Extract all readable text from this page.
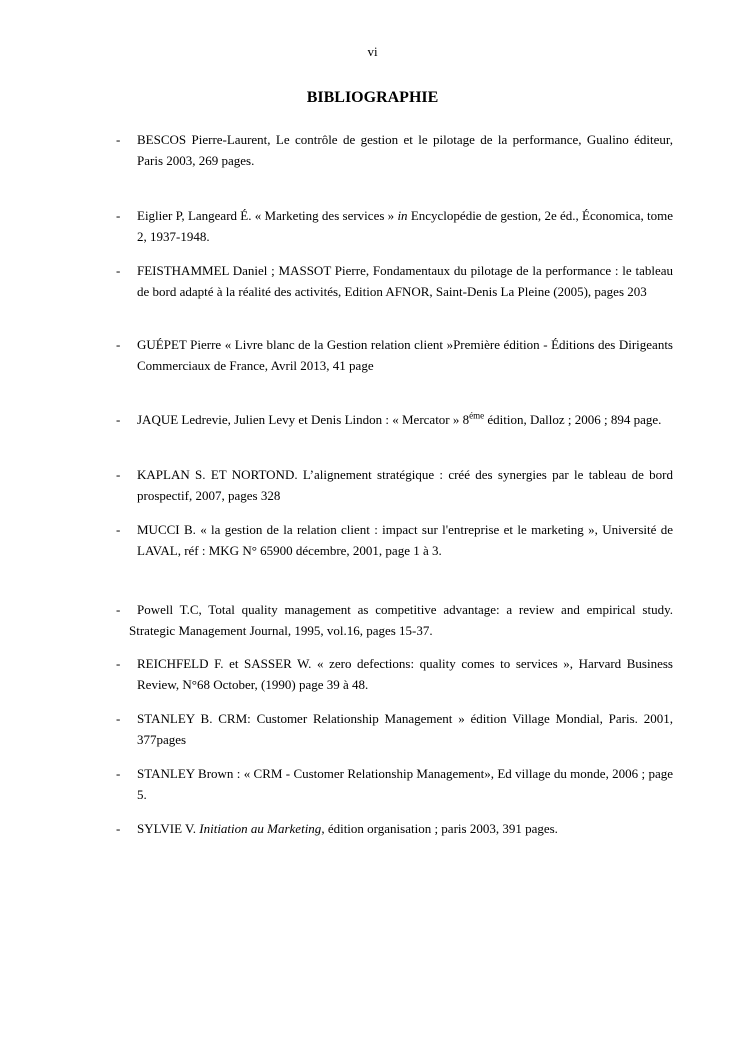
vi
BIBLIOGRAPHIE
- BESCOS Pierre-Laurent, Le contrôle de gestion et le pilotage de la performance, Gualino éditeur, Paris 2003, 269 pages.
- Eiglier P, Langeard É. « Marketing des services » in Encyclopédie de gestion, 2e éd., Économica, tome 2, 1937-1948.
- FEISTHAMMEL Daniel ; MASSOT Pierre, Fondamentaux du pilotage de la performance : le tableau de bord adapté à la réalité des activités, Edition AFNOR, Saint-Denis La Pleine (2005), pages 203
- GUÉPET Pierre « Livre blanc de la Gestion relation client »Première édition - Éditions des Dirigeants Commerciaux de France, Avril 2013, 41 page
- JAQUE Ledrevie, Julien Levy et Denis Lindon : « Mercator » $8^{éme}$ édition, Dalloz ; 2006 ; 894 page.
- KAPLAN S. ET NORTOND. L’alignement stratégique : créé des synergies par le tableau de bord prospectif, 2007, pages 328
- MUCCI B. « la gestion de la relation client : impact sur l'entreprise et le marketing », Université de LAVAL, réf : MKG N° 65900 décembre, 2001, page 1 à 3.
-	Powell T.C, Total quality management as competitive advantage: a review and empirical study. Strategic Management Journal, 1995, vol.16, pages 15-37.
- REICHFELD F. et SASSER W. « zero defections: quality comes to services », Harvard Business Review, N°68 October, (1990) page 39 à 48.
- STANLEY B. CRM: Customer Relationship Management » édition Village Mondial, Paris. 2001, 377pages
- STANLEY Brown : « CRM - Customer Relationship Management», Ed village du monde, 2006 ; page 5.
- SYLVIE V. Initiation au Marketing, édition organisation ; paris 2003, 391 pages.
